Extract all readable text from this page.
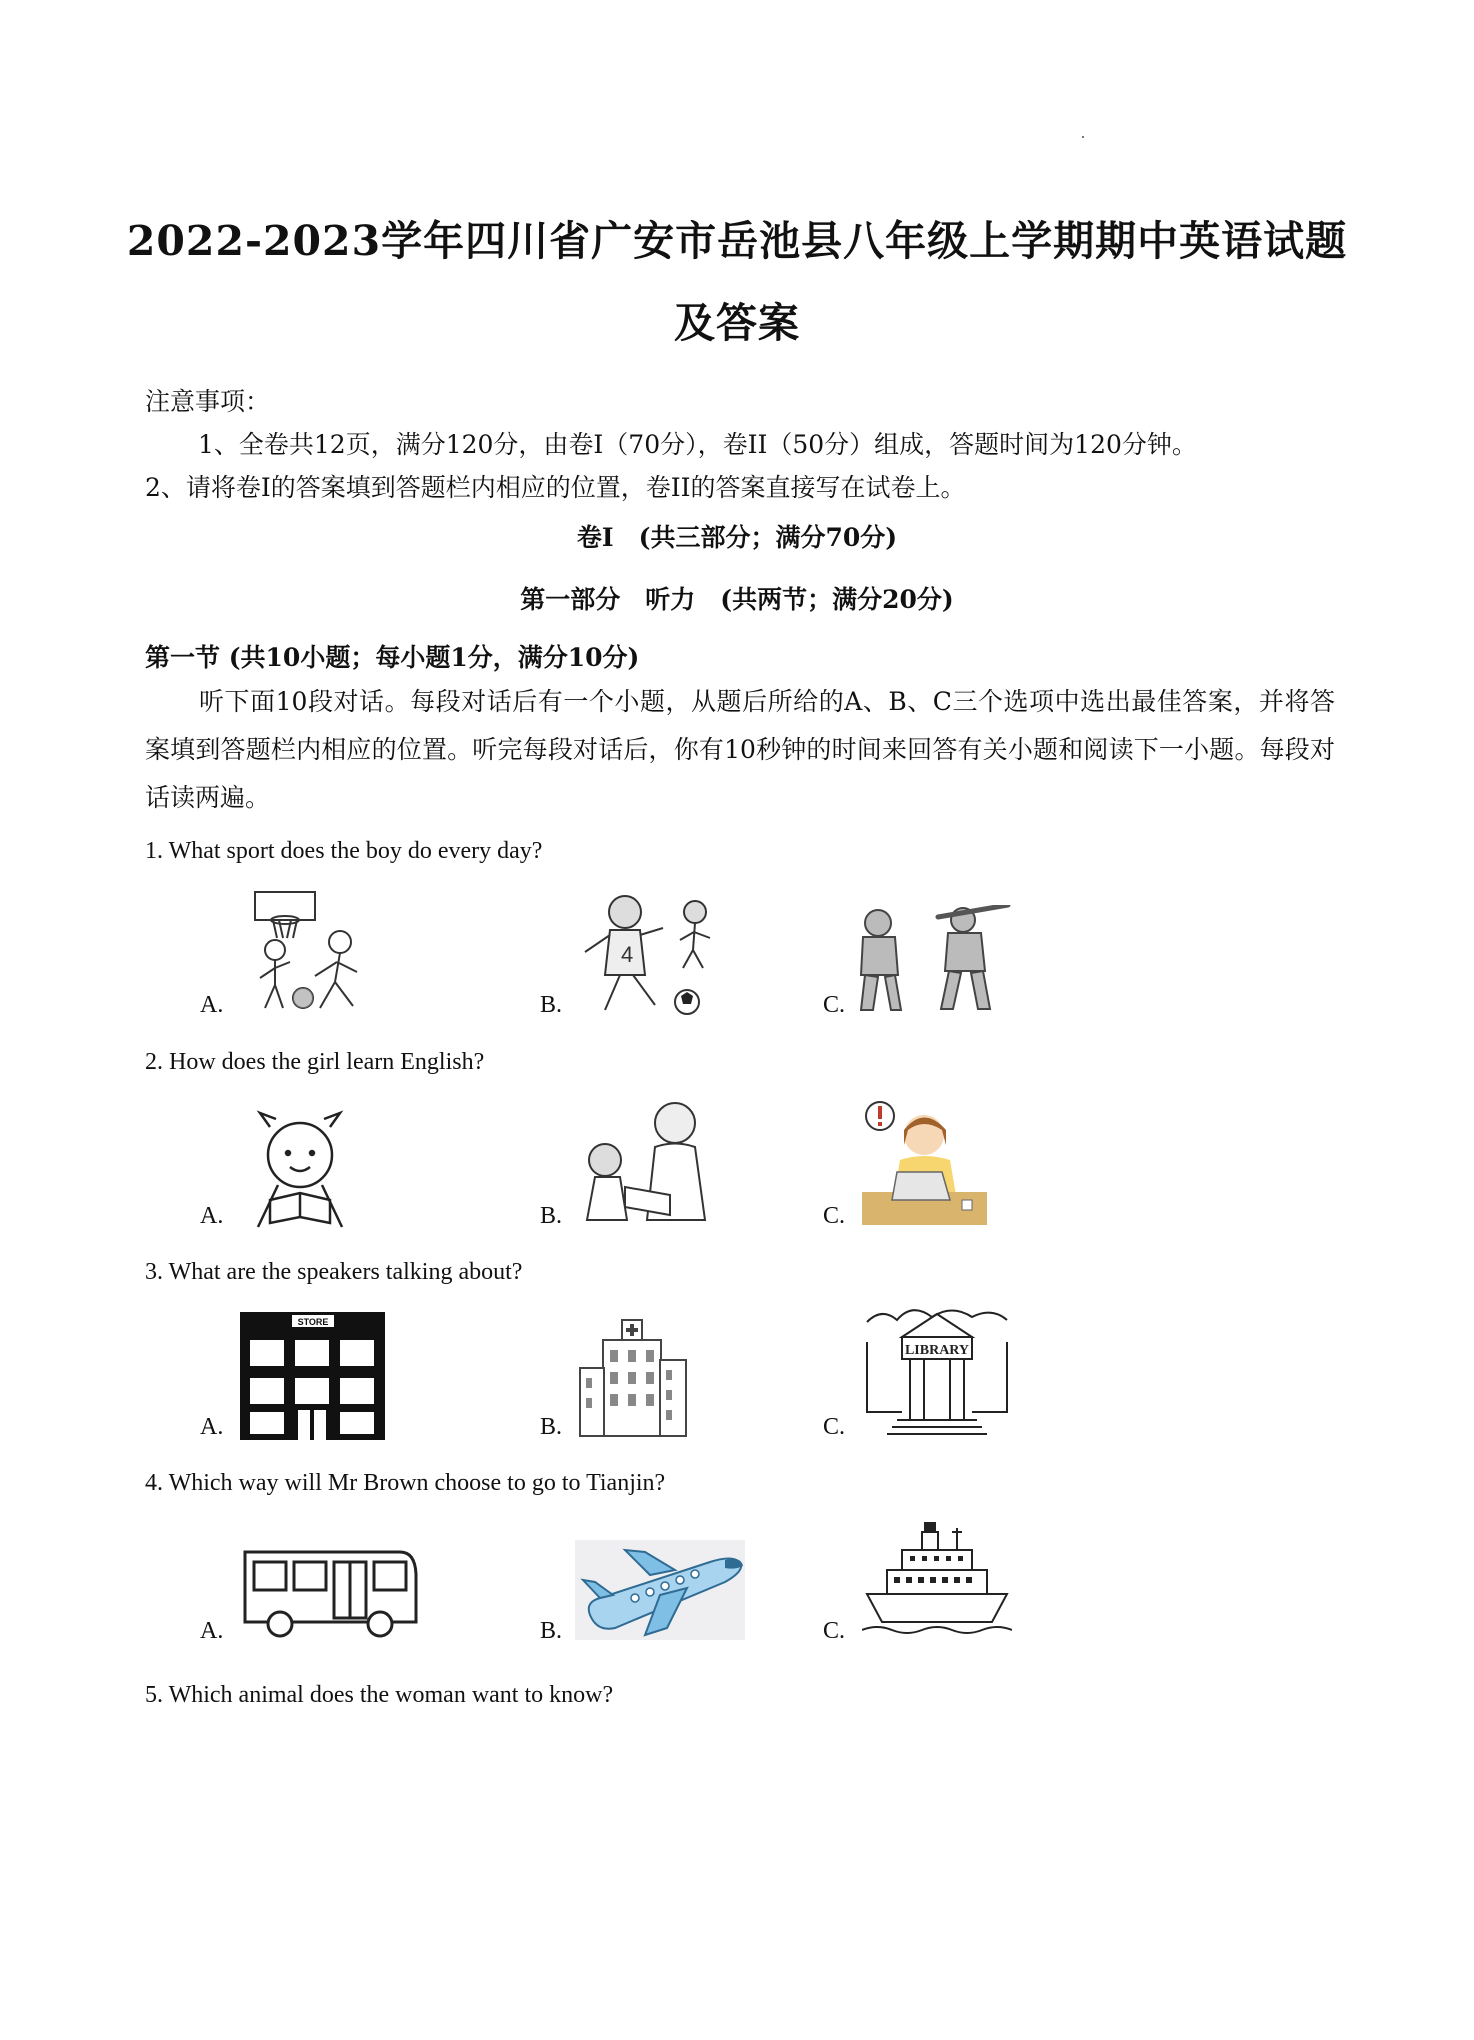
2022-2023学年四川省广安市岳池县八年级上学期期中英语试题
及答案
注意事项：
1、全卷共12页，满分120分，由卷I（70分），卷II（50分）组成，答题时间为120分钟。
2、请将卷I的答案填到答题栏内相应的位置，卷II的答案直接写在试卷上。
卷I　(共三部分；满分70分)
第一部分　听力　(共两节；满分20分)
第一节 (共10小题；每小题1分，满分10分)
听下面10段对话。每段对话后有一个小题，从题后所给的A、B、C三个选项中选出最佳答案，并将答案填到答题栏内相应的位置。听完每段对话后，你有10秒钟的时间来回答有关小题和阅读下一小题。每段对话读两遍。
1. What sport does the boy do every day?
A.	B.	C.
4
2. How does the girl learn English?
A.	B.	C.
3. What are the speakers talking about?
A.	B.	C.
STORE
LIBRARY
4. Which way will Mr Brown choose to go to Tianjin?
A.	B.	C.
5. Which animal does the woman want to know?
